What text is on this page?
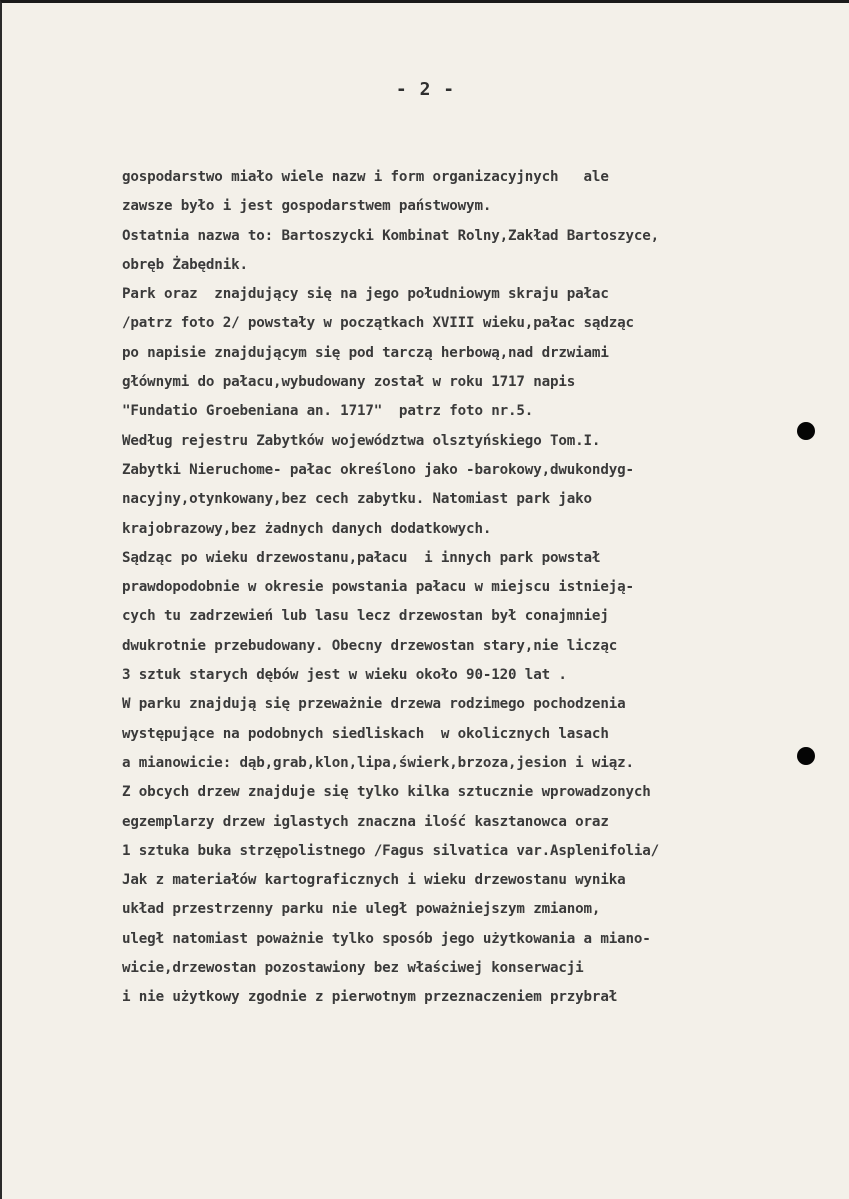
- 2 -
gospodarstwo miało wiele nazw i form organizacyjnych   ale
zawsze było i jest gospodarstwem państwowym.
Ostatnia nazwa to: Bartoszycki Kombinat Rolny,Zakład Bartoszyce,
obręb Żabędnik.
Park oraz  znajdujący się na jego południowym skraju pałac
/patrz foto 2/ powstały w początkach XVIII wieku,pałac sądząc
po napisie znajdującym się pod tarczą herbową,nad drzwiami
głównymi do pałacu,wybudowany został w roku 1717 napis
"Fundatio Groebeniana an. 1717"  patrz foto nr.5.
Według rejestru Zabytków województwa olsztyńskiego Tom.I.
Zabytki Nieruchome- pałac określono jako -barokowy,dwukondyg-
nacyjny,otynkowany,bez cech zabytku. Natomiast park jako
krajobrazowy,bez żadnych danych dodatkowych.
Sądząc po wieku drzewostanu,pałacu  i innych park powstał
prawdopodobnie w okresie powstania pałacu w miejscu istnieją-
cych tu zadrzewień lub lasu lecz drzewostan był conajmniej
dwukrotnie przebudowany. Obecny drzewostan stary,nie licząc
3 sztuk starych dębów jest w wieku około 90-120 lat .
W parku znajdują się przeważnie drzewa rodzimego pochodzenia
występujące na podobnych siedliskach  w okolicznych lasach
a mianowicie: dąb,grab,klon,lipa,świerk,brzoza,jesion i wiąz.
Z obcych drzew znajduje się tylko kilka sztucznie wprowadzonych
egzemplarzy drzew iglastych znaczna ilość kasztanowca oraz
1 sztuka buka strzępolistnego /Fagus silvatica var.Asplenifolia/
Jak z materiałów kartograficznych i wieku drzewostanu wynika
układ przestrzenny parku nie uległ poważniejszym zmianom,
uległ natomiast poważnie tylko sposób jego użytkowania a miano-
wicie,drzewostan pozostawiony bez właściwej konserwacji
i nie użytkowy zgodnie z pierwotnym przeznaczeniem przybrał
